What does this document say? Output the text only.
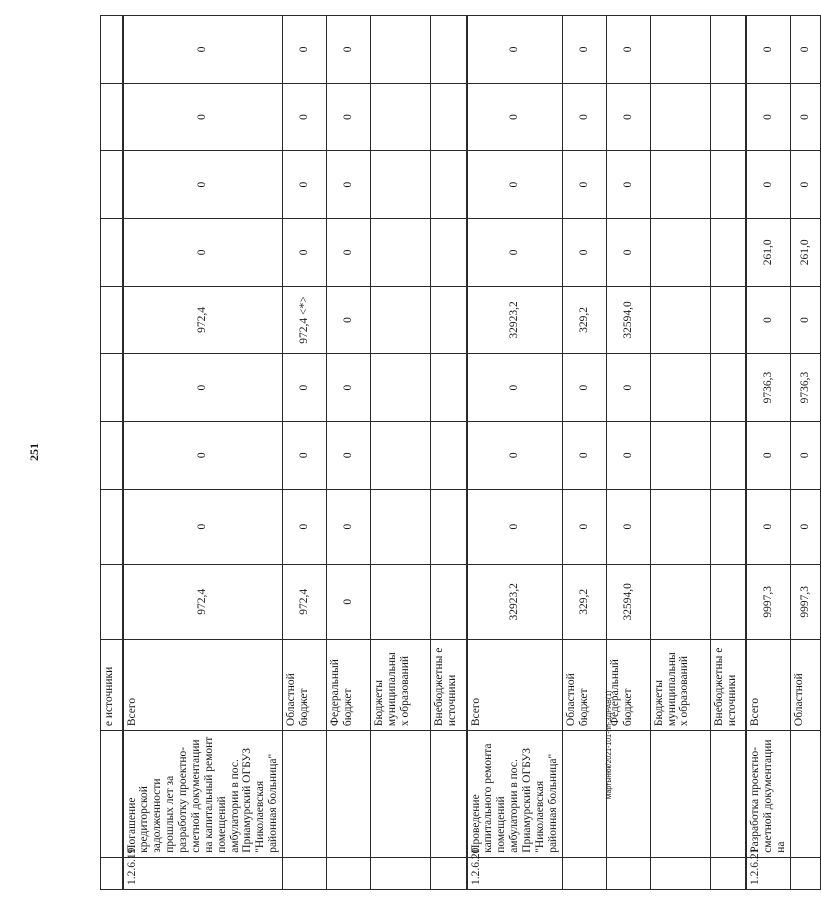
251
		е источники									
1.2.6.19	Погашение кредиторской задолженности прошлых лет за разработку проектно-сметной документации на капитальный ремонт помещений амбулатории в пос. Приамурский ОГБУЗ "Николаевская районная больница"	Всего	972,4	0	0	0	972,4	0	0	0	0
		Областной бюджет	972,4	0	0	0	972,4 <*>	0	0	0	0
		Федеральный бюджет	0	0	0	0	0	0	0	0	0
		Бюджеты муниципальны х образований									
		Внебюджетны е источники									
1.2.6.20	Проведение капитального ремонта помещений амбулатории в пос. Приамурский ОГБУЗ "Николаевская районная больница"	Всего	32923,2	0	0	0	32923,2	0	0	0	0
		Областной бюджет	329,2	0	0	0	329,2	0	0	0	0
		Федеральный бюджет	32594,0	0	0	0	32594,0	0	0	0	0
		Бюджеты муниципальны х образований									
		Внебюджетны е источники									
1.2.6.21	Разработка проектно-сметной документации на	Всего	9997,3	0	0	9736,3	0	261,0	0	0	0
		Областной	9997,3	0	0	9736,3	0	261,0	0	0	0
Мартынюк/2021-101-пп-ЗДРАВ(1)
